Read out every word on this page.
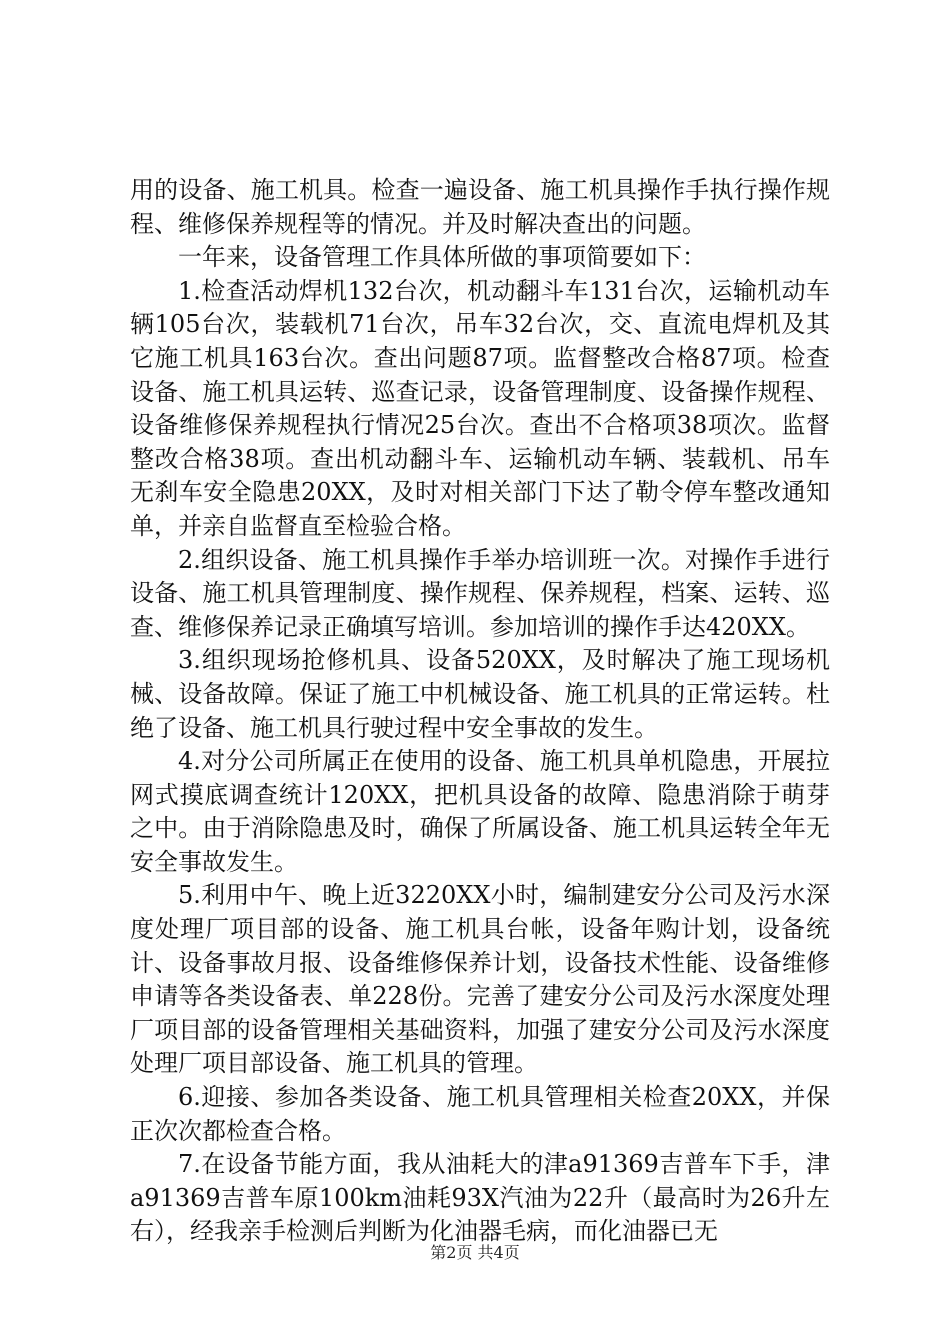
用的设备、施工机具。检查一遍设备、施工机具操作手执行操作规程、维修保养规程等的情况。并及时解决查出的问题。

一年来，设备管理工作具体所做的事项简要如下：

1.检查活动焊机132台次，机动翻斗车131台次，运输机动车辆105台次，装载机71台次，吊车32台次，交、直流电焊机及其它施工机具163台次。查出问题87项。监督整改合格87项。检查设备、施工机具运转、巡查记录，设备管理制度、设备操作规程、设备维修保养规程执行情况25台次。查出不合格项38项次。监督整改合格38项。查出机动翻斗车、运输机动车辆、装载机、吊车无刹车安全隐患20XX，及时对相关部门下达了勒令停车整改通知单，并亲自监督直至检验合格。

2.组织设备、施工机具操作手举办培训班一次。对操作手进行设备、施工机具管理制度、操作规程、保养规程，档案、运转、巡查、维修保养记录正确填写培训。参加培训的操作手达420XX。

3.组织现场抢修机具、设备520XX，及时解决了施工现场机械、设备故障。保证了施工中机械设备、施工机具的正常运转。杜绝了设备、施工机具行驶过程中安全事故的发生。

4.对分公司所属正在使用的设备、施工机具单机隐患，开展拉网式摸底调查统计120XX，把机具设备的故障、隐患消除于萌芽之中。由于消除隐患及时，确保了所属设备、施工机具运转全年无安全事故发生。

5.利用中午、晚上近3220XX小时，编制建安分公司及污水深度处理厂项目部的设备、施工机具台帐，设备年购计划，设备统计、设备事故月报、设备维修保养计划，设备技术性能、设备维修申请等各类设备表、单228份。完善了建安分公司及污水深度处理厂项目部的设备管理相关基础资料，加强了建安分公司及污水深度处理厂项目部设备、施工机具的管理。

6.迎接、参加各类设备、施工机具管理相关检查20XX，并保正次次都检查合格。

7.在设备节能方面，我从油耗大的津a91369吉普车下手，津a91369吉普车原100km油耗93X汽油为22升（最高时为26升左右），经我亲手检测后判断为化油器毛病，而化油器已无

第2页 共4页
